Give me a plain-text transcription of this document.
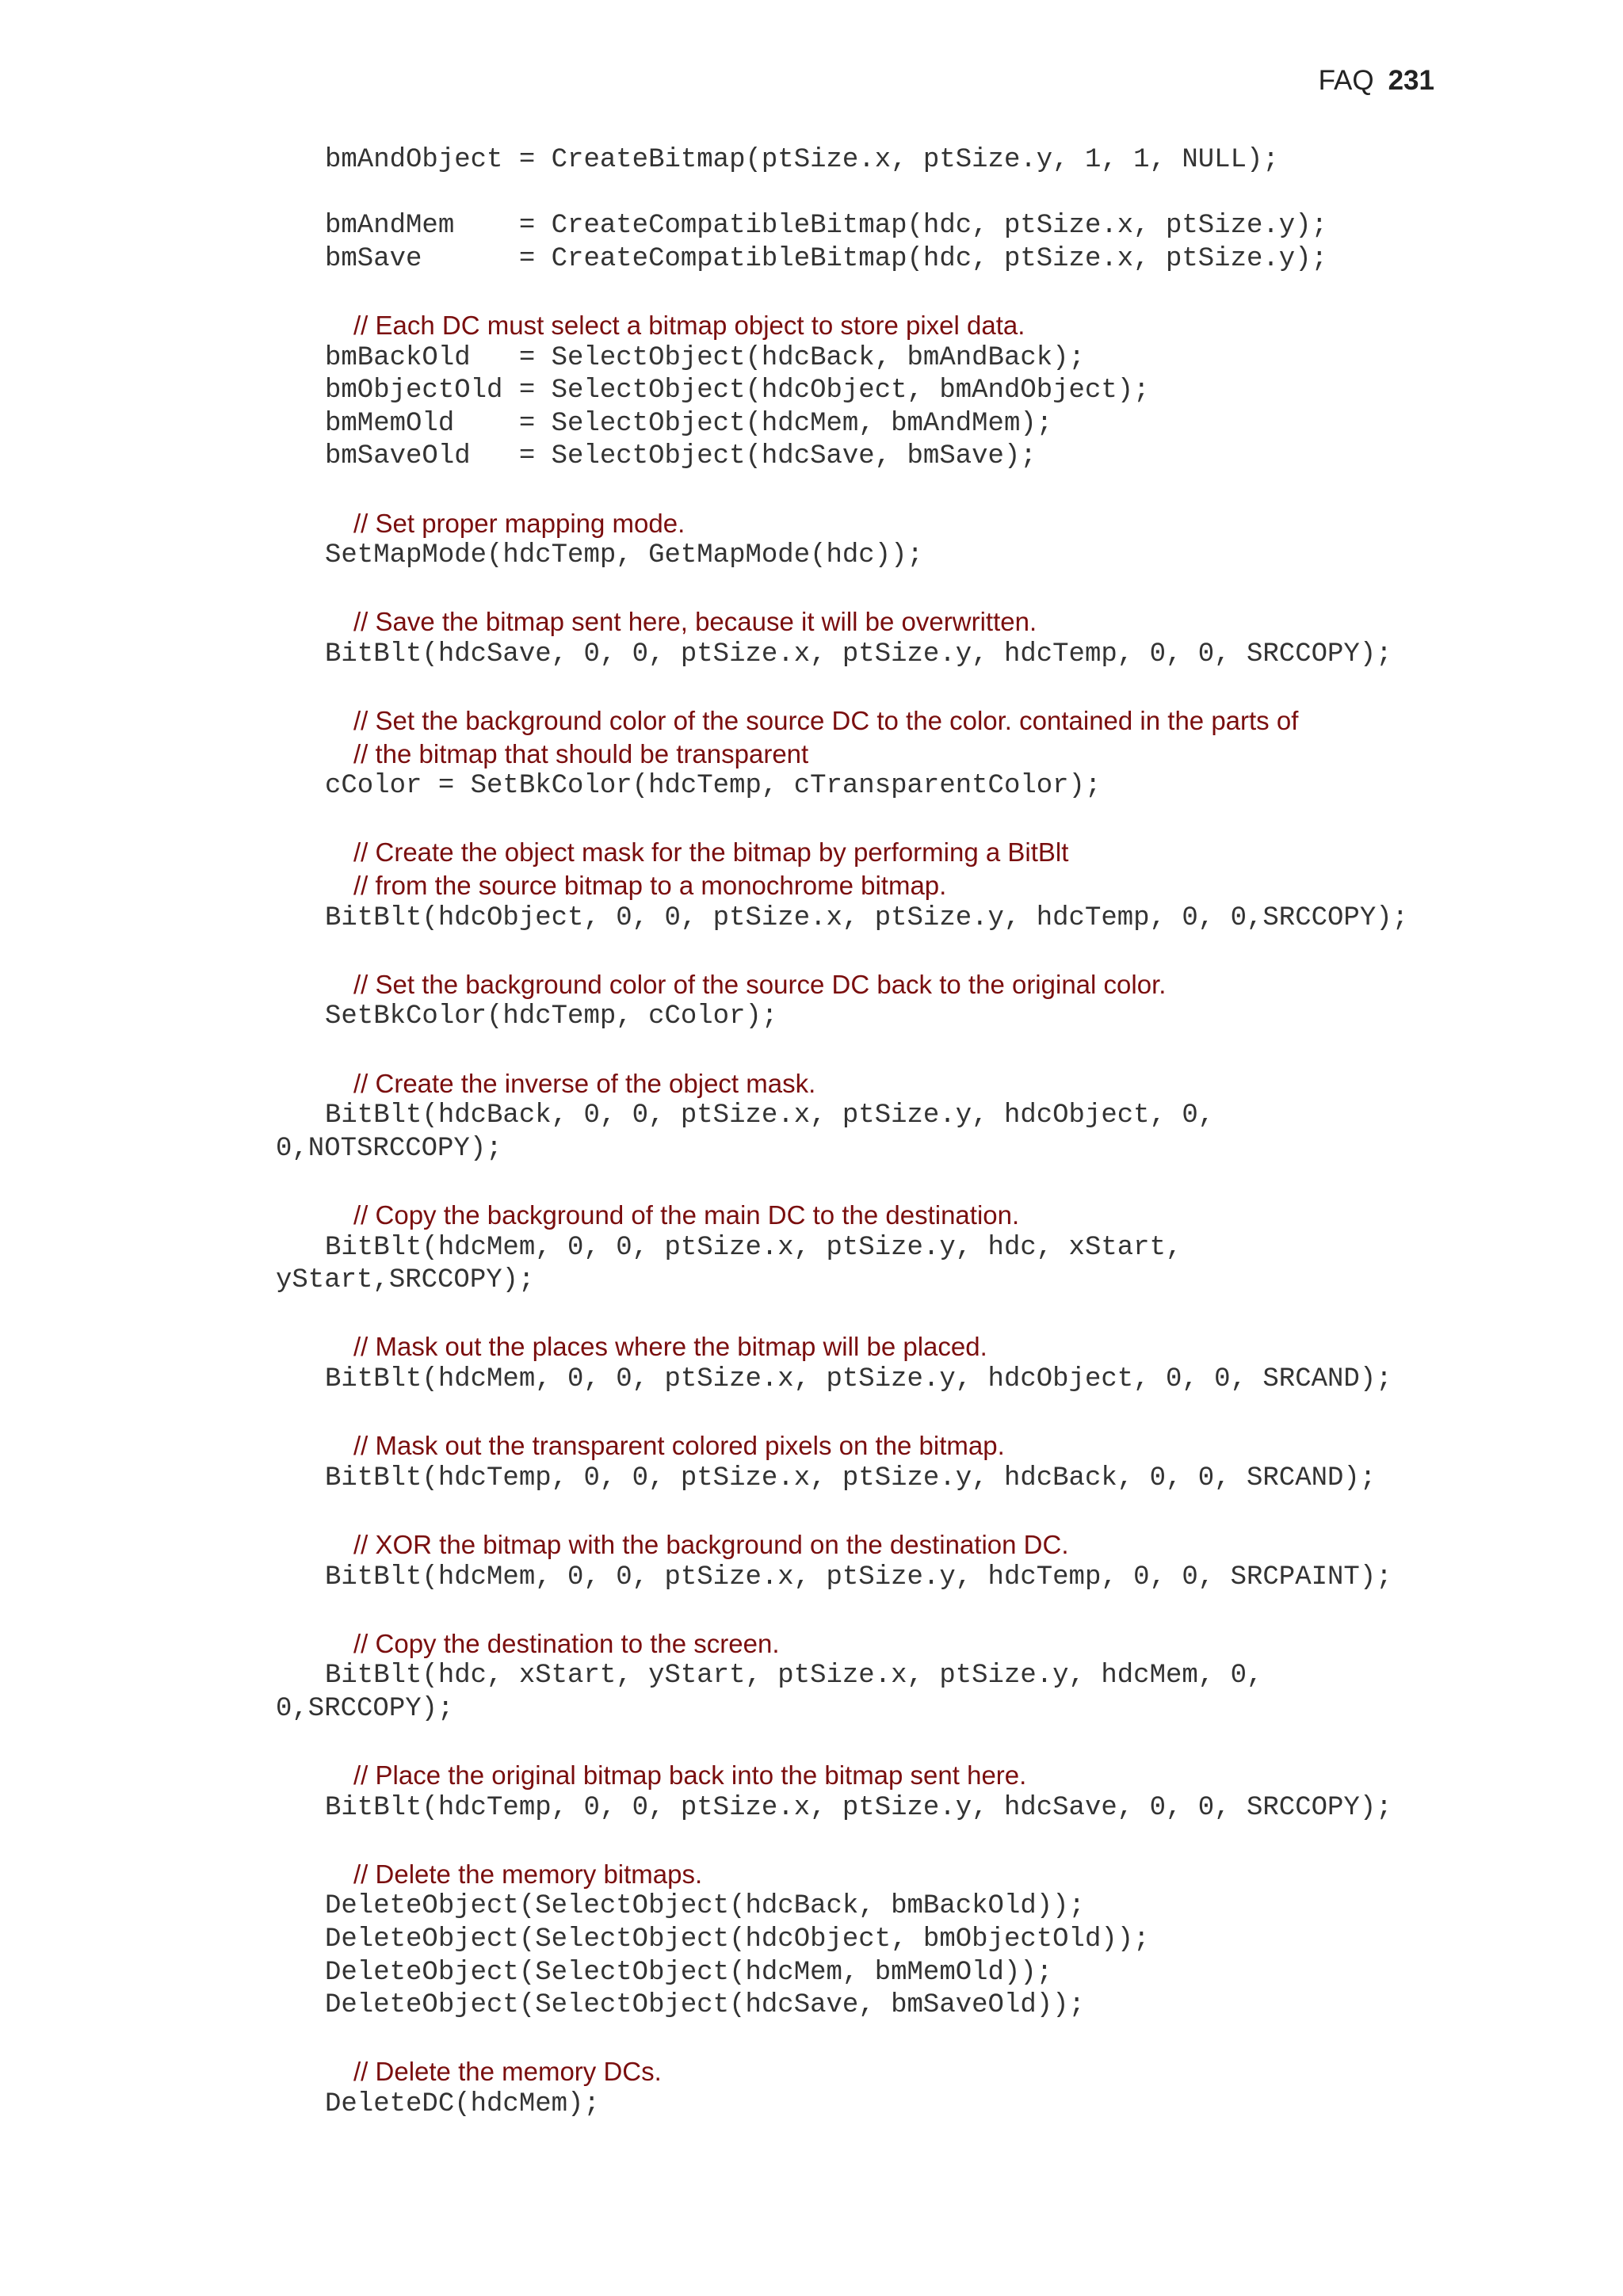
FAQ 231
bmAndObject = CreateBitmap(ptSize.x, ptSize.y, 1, 1, NULL);
bmAndMem    = CreateCompatibleBitmap(hdc, ptSize.x, ptSize.y);
bmSave      = CreateCompatibleBitmap(hdc, ptSize.x, ptSize.y);
// Each DC must select a bitmap object to store pixel data.
bmBackOld   = SelectObject(hdcBack, bmAndBack);
bmObjectOld = SelectObject(hdcObject, bmAndObject);
bmMemOld    = SelectObject(hdcMem, bmAndMem);
bmSaveOld   = SelectObject(hdcSave, bmSave);
// Set proper mapping mode.
SetMapMode(hdcTemp, GetMapMode(hdc));
// Save the bitmap sent here, because it will be overwritten.
BitBlt(hdcSave, 0, 0, ptSize.x, ptSize.y, hdcTemp, 0, 0, SRCCOPY);
// Set the background color of the source DC to the color. contained in the parts of
// the bitmap that should be transparent
cColor = SetBkColor(hdcTemp, cTransparentColor);
// Create the object mask for the bitmap by performing a BitBlt
// from the source bitmap to a monochrome bitmap.
BitBlt(hdcObject, 0, 0, ptSize.x, ptSize.y, hdcTemp, 0, 0,SRCCOPY);
// Set the background color of the source DC back to the original color.
SetBkColor(hdcTemp, cColor);
// Create the inverse of the object mask.
BitBlt(hdcBack, 0, 0, ptSize.x, ptSize.y, hdcObject, 0,
0,NOTSRCCOPY);
// Copy the background of the main DC to the destination.
BitBlt(hdcMem, 0, 0, ptSize.x, ptSize.y, hdc, xStart,
yStart,SRCCOPY);
// Mask out the places where the bitmap will be placed.
BitBlt(hdcMem, 0, 0, ptSize.x, ptSize.y, hdcObject, 0, 0, SRCAND);
// Mask out the transparent colored pixels on the bitmap.
BitBlt(hdcTemp, 0, 0, ptSize.x, ptSize.y, hdcBack, 0, 0, SRCAND);
// XOR the bitmap with the background on the destination DC.
BitBlt(hdcMem, 0, 0, ptSize.x, ptSize.y, hdcTemp, 0, 0, SRCPAINT);
// Copy the destination to the screen.
BitBlt(hdc, xStart, yStart, ptSize.x, ptSize.y, hdcMem, 0,
0,SRCCOPY);
// Place the original bitmap back into the bitmap sent here.
BitBlt(hdcTemp, 0, 0, ptSize.x, ptSize.y, hdcSave, 0, 0, SRCCOPY);
// Delete the memory bitmaps.
DeleteObject(SelectObject(hdcBack, bmBackOld));
DeleteObject(SelectObject(hdcObject, bmObjectOld));
DeleteObject(SelectObject(hdcMem, bmMemOld));
DeleteObject(SelectObject(hdcSave, bmSaveOld));
// Delete the memory DCs.
DeleteDC(hdcMem);
